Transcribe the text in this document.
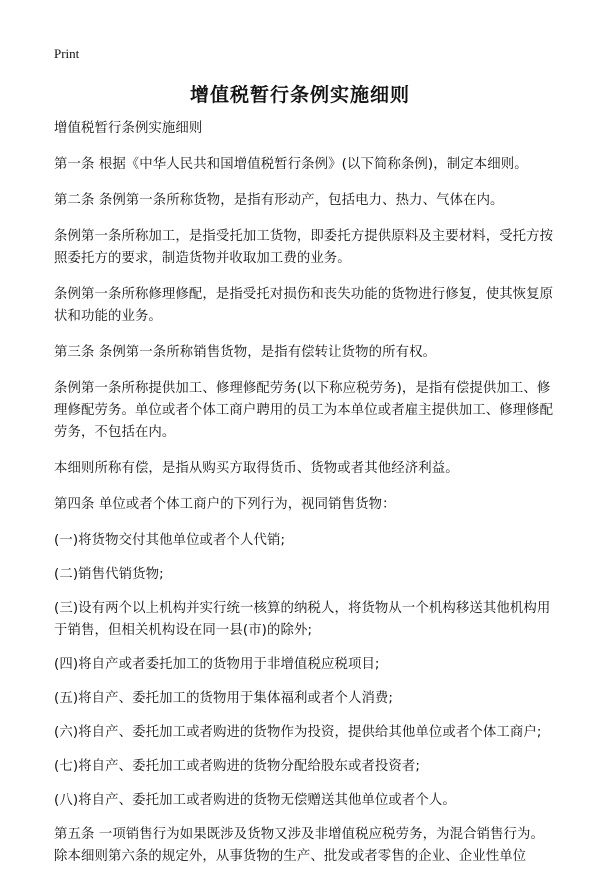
Print
增值税暂行条例实施细则

增值税暂行条例实施细则

第一条 根据《中华人民共和国增值税暂行条例》(以下简称条例)，制定本细则。

第二条 条例第一条所称货物，是指有形动产，包括电力、热力、气体在内。

条例第一条所称加工，是指受托加工货物，即委托方提供原料及主要材料，受托方按照委托方的要求，制造货物并收取加工费的业务。

条例第一条所称修理修配，是指受托对损伤和丧失功能的货物进行修复，使其恢复原状和功能的业务。

第三条 条例第一条所称销售货物，是指有偿转让货物的所有权。

条例第一条所称提供加工、修理修配劳务(以下称应税劳务)，是指有偿提供加工、修理修配劳务。单位或者个体工商户聘用的员工为本单位或者雇主提供加工、修理修配劳务，不包括在内。

本细则所称有偿，是指从购买方取得货币、货物或者其他经济利益。

第四条 单位或者个体工商户的下列行为，视同销售货物：

(一)将货物交付其他单位或者个人代销;

(二)销售代销货物;

(三)设有两个以上机构并实行统一核算的纳税人，将货物从一个机构移送其他机构用于销售，但相关机构设在同一县(市)的除外;

(四)将自产或者委托加工的货物用于非增值税应税项目;

(五)将自产、委托加工的货物用于集体福利或者个人消费;

(六)将自产、委托加工或者购进的货物作为投资，提供给其他单位或者个体工商户;

(七)将自产、委托加工或者购进的货物分配给股东或者投资者;

(八)将自产、委托加工或者购进的货物无偿赠送其他单位或者个人。

第五条 一项销售行为如果既涉及货物又涉及非增值税应税劳务，为混合销售行为。除本细则第六条的规定外，从事货物的生产、批发或者零售的企业、企业性单位
